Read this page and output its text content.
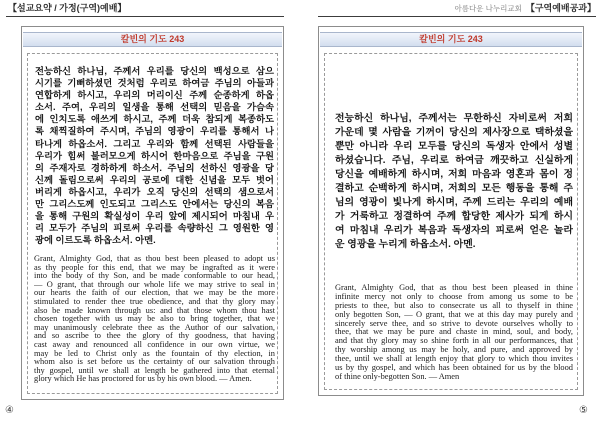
【설교요약 / 가정(구역)예배】	아름다운 나누리교회 【구역예배공과】
칼빈의 기도 243
전능하신 하나님, 주께서 우리를 당신의 백성으로 삼으
시기를 기뻐하셨던 것처럼 우리로 하여금 주님의 아들과
연합하게 하시고, 우리의 머리이신 주께 순종하게 하옵
소서. 주여, 우리의 일생을 통해 선택의 믿음을 가슴속
에 인치도록 애쓰게 하시고, 주께 더욱 참되게 복종하도
록 채찍질하여 주시며, 주님의 영광이 우리를 통해서 나
타나게 하옵소서. 그리고 우리와 함께 선택된 사람들을
우리가 힘써 불러모으게 하시어 한마음으로 주님을 구원
의 주재자로 경하하게 하소서. 주님의 선하신 영광을 당
신께 돌림으로써 우리의 공로에 대한 신념을 모두 벗어
버리게 하옵시고, 우리가 오직 당신의 선택의 샘으로서
만 그리스도께 인도되고 그리스도 안에서는 당신의 복음
을 통해 구원의 확실성이 우리 앞에 제시되어 마침내 우
리 모두가 주님의 피로써 우리를 속량하신 그 영원한 영
광에 이르도록 하옵소서. 아멘.
Grant, Almighty God, that as thou best been pleased to adopt us
as thy people for this end, that we may be ingrafted as it were
into the body of thy Son, and be made conformable to our head,
— O grant, that through our whole life we may strive to seal in
our hearts the faith of our election, that we may be the more
stimulated to render thee true obedience, and that thy glory may
also be made known through us: and that those whom thou hast
chosen together with us may be also to bring together, that we
may unanimously celebrate thee as the Author of our salvation,
and so ascribe to thee the glory of thy goodness, that having
cast away and renounced all confidence in our own virtue, we
may be led to Christ only as the fountain of thy election, in
whom also is set before us the certainty of our salvation through
thy gospel, until we shall at length be gathered into that eternal
glory which He has proctored for us by his own blood. — Amen.
④
칼빈의 기도 243
전능하신 하나님, 주께서는 무한하신 자비로써 저희
가운데 몇 사람을 기꺼이 당신의 제사장으로 택하셨을
뿐만 아니라 우리 모두를 당신의 독생자 안에서 성별
하셨습니다. 주님, 우리로 하여금 깨끗하고 신실하게
당신을 예배하게 하시며, 저희 마음과 영혼과 몸이 정
결하고 순백하게 하시며, 저희의 모든 행동을 통해 주
님의 영광이 빛나게 하시며, 주께 드리는 우리의 예배
가 거룩하고 정결하여 주께 합당한 제사가 되게 하시
여 마침내 우리가 복음과 독생자의 피로써 얻은 놀라
운 영광을 누리게 하옵소서. 아멘.
Grant, Almighty God, that as thou best been pleased in thine
infinite mercy not only to choose from among us some to be
priests to thee, but also to consecrate us all to thyself in thine
only begotten Son, — O grant, that we at this day may purely and
sincerely serve thee, and so strive to devote ourselves wholly to
thee, that we may be pure and chaste in mind, soul, and body,
and that thy glory may so shine forth in all our performances, that
thy worship among us may be holy, and pure, and approved by
thee, until we shall at length enjoy that glory to which thou invites
us by thy gospel, and which has been obtained for us by the blood
of thine only-begotten Son. — Amen
⑤
